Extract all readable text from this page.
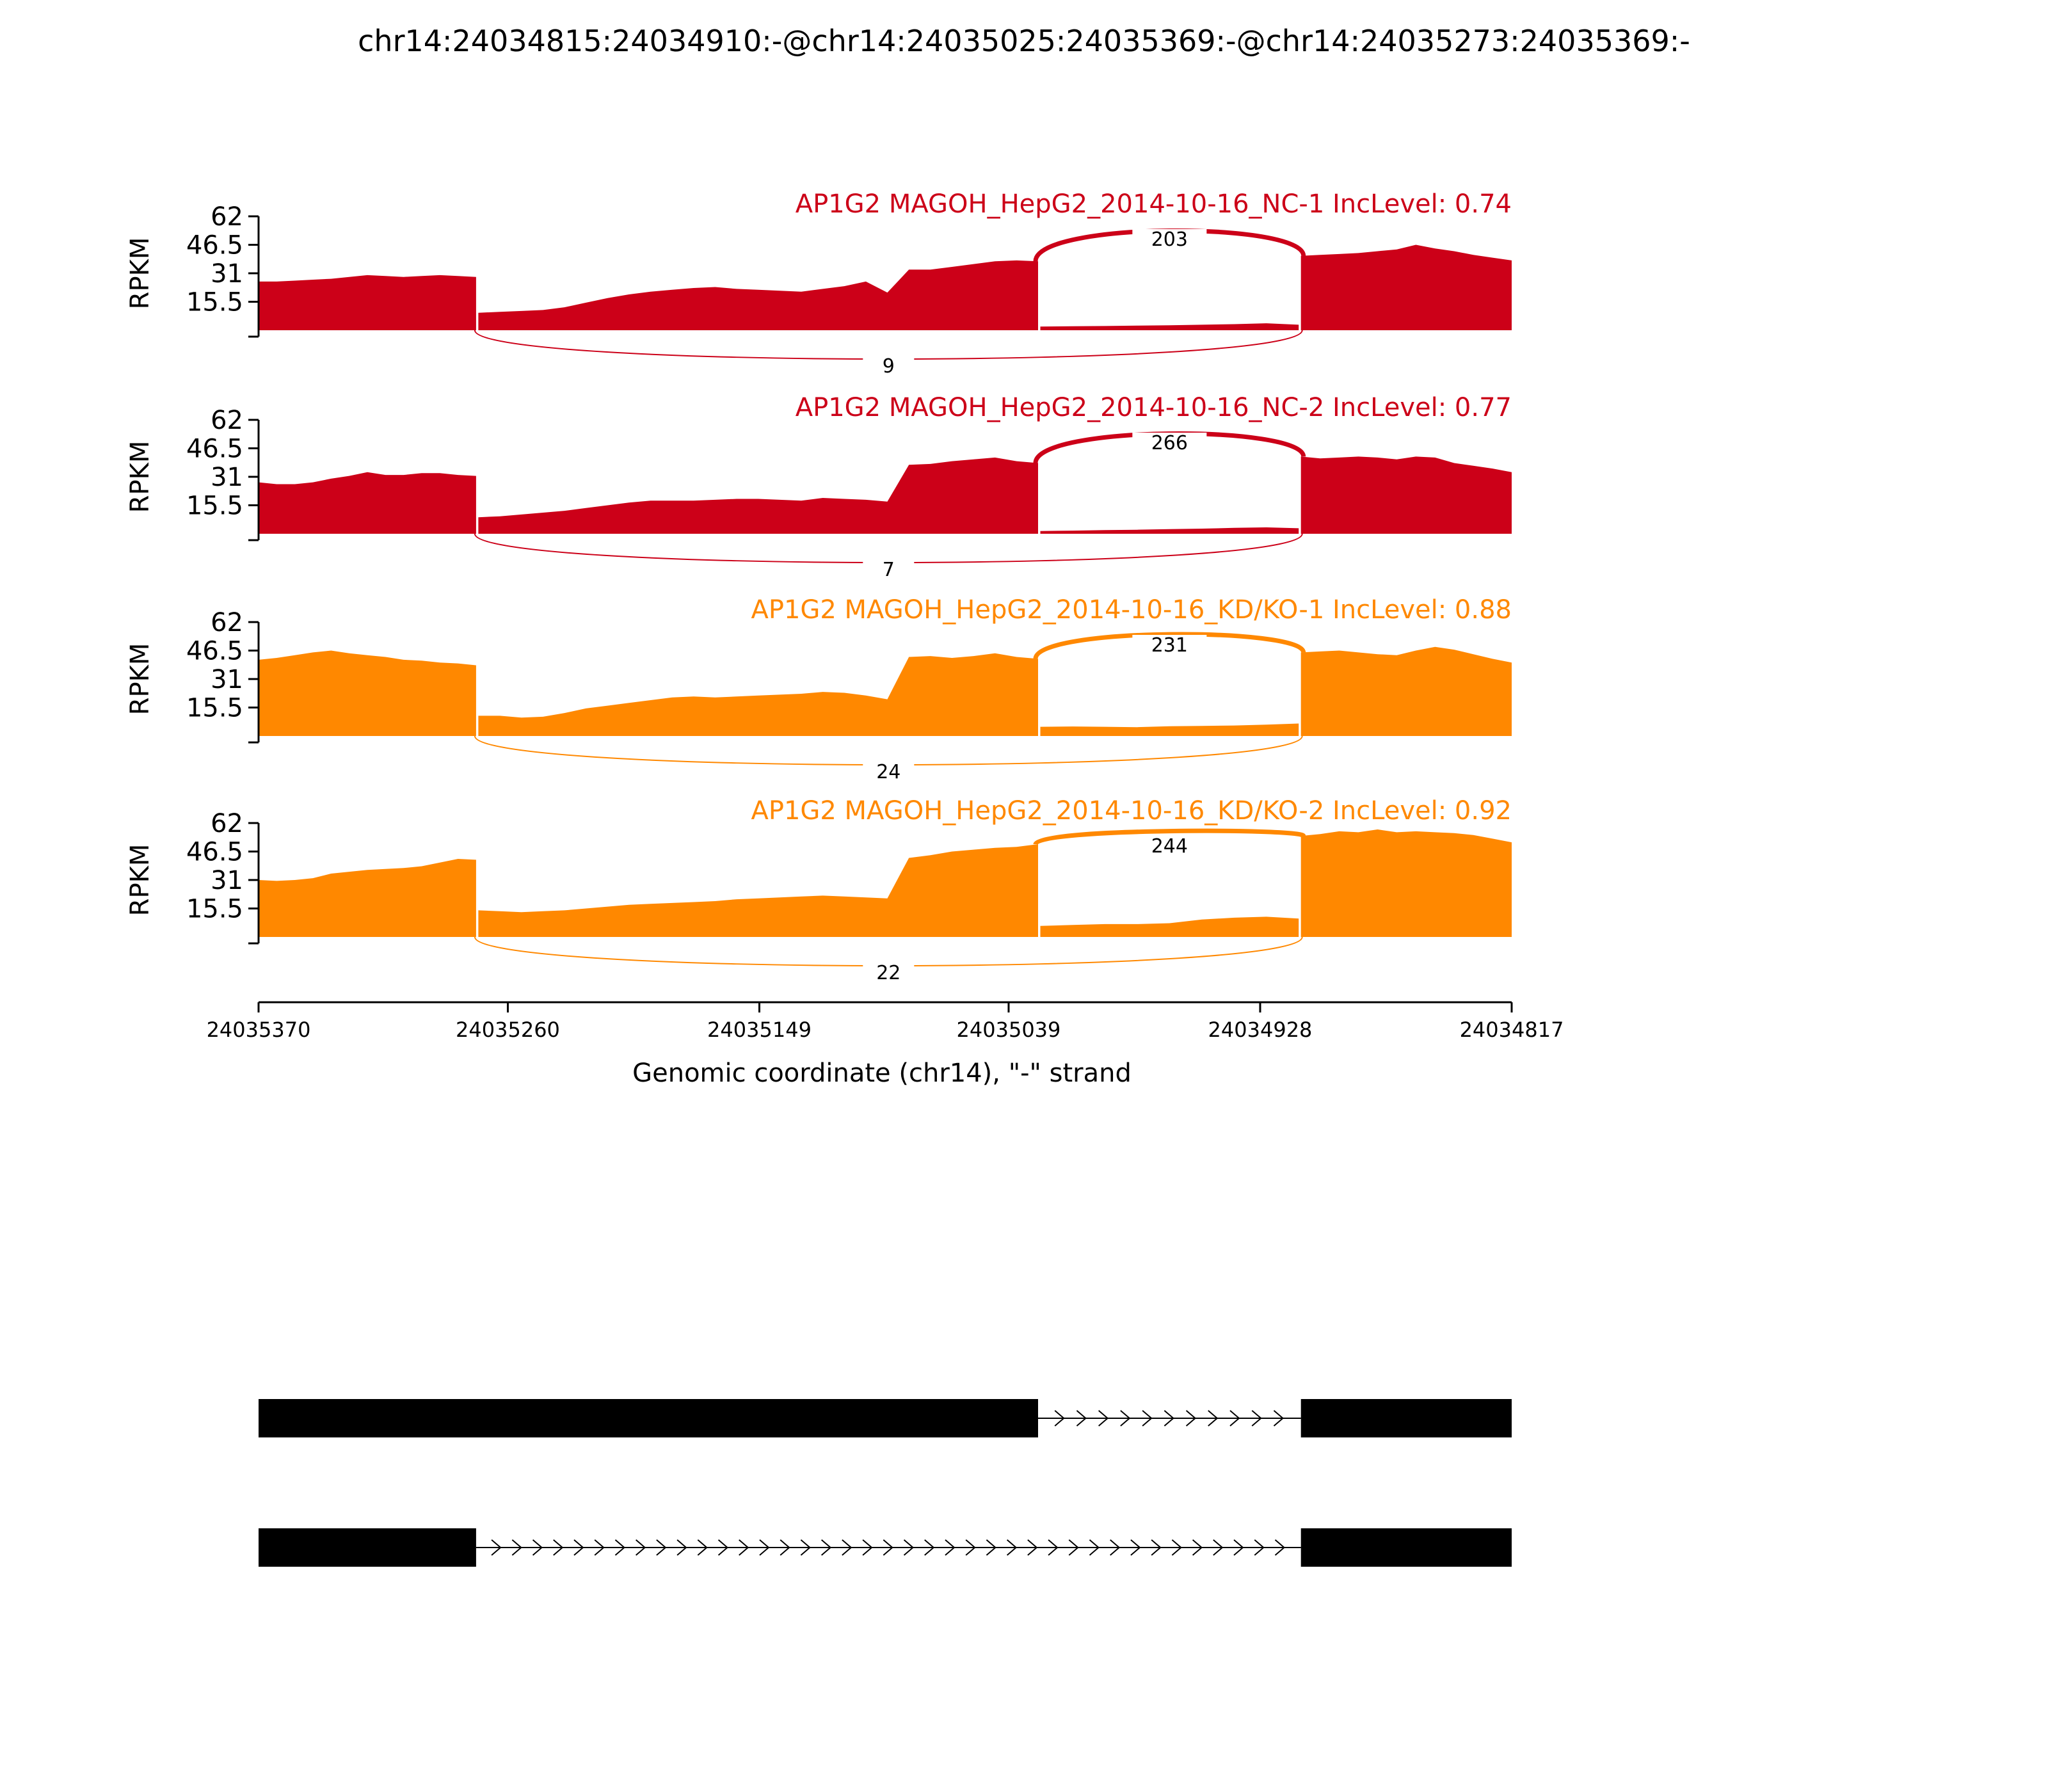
chr14:24034815:24034910:-@chr14:24035025:24035369:-@chr14:24035273:24035369:-
62
46.5
31
15.5
RPKM
AP1G2 MAGOH_HepG2_2014-10-16_NC-1 IncLevel: 0.74
203
9
62
46.5
31
15.5
RPKM
AP1G2 MAGOH_HepG2_2014-10-16_NC-2 IncLevel: 0.77
266
7
62
46.5
31
15.5
RPKM
AP1G2 MAGOH_HepG2_2014-10-16_KD/KO-1 IncLevel: 0.88
231
24
62
46.5
31
15.5
RPKM
AP1G2 MAGOH_HepG2_2014-10-16_KD/KO-2 IncLevel: 0.92
244
22
24035370	24035260	24035149	24035039	24034928	24034817
Genomic coordinate (chr14), "-" strand
